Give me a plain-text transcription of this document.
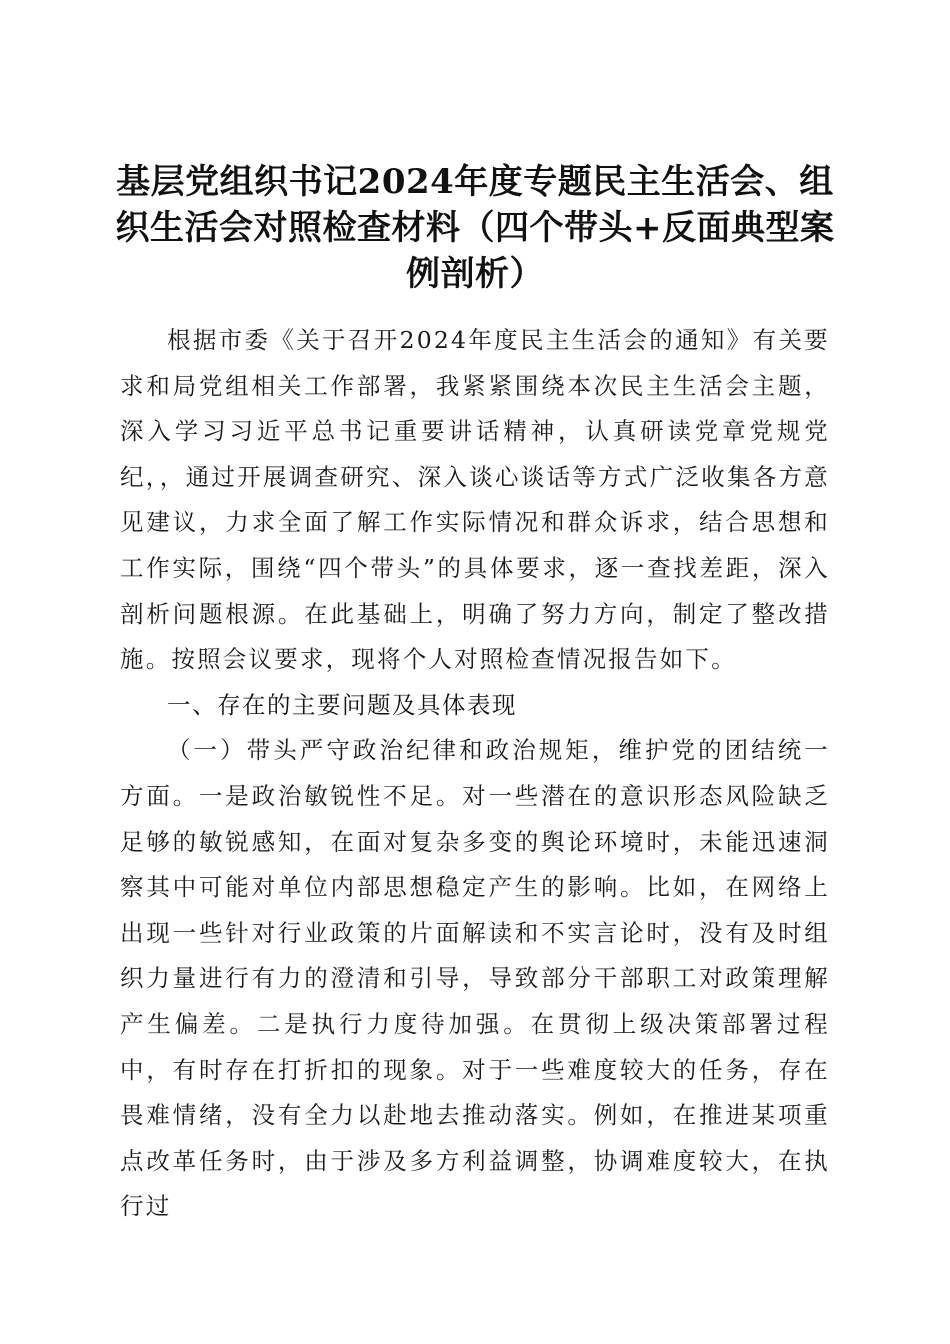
基层党组织书记2024年度专题民主生活会、组织生活会对照检查材料（四个带头+反面典型案例剖析）

根据市委《关于召开2024年度民主生活会的通知》有关要求和局党组相关工作部署，我紧紧围绕本次民主生活会主题，深入学习习近平总书记重要讲话精神，认真研读党章党规党纪，，通过开展调查研究、深入谈心谈话等方式广泛收集各方意见建议，力求全面了解工作实际情况和群众诉求，结合思想和工作实际，围绕“四个带头”的具体要求，逐一查找差距，深入剖析问题根源。在此基础上，明确了努力方向，制定了整改措施。按照会议要求，现将个人对照检查情况报告如下。

一、存在的主要问题及具体表现

（一）带头严守政治纪律和政治规矩，维护党的团结统一方面。一是政治敏锐性不足。对一些潜在的意识形态风险缺乏足够的敏锐感知，在面对复杂多变的舆论环境时，未能迅速洞察其中可能对单位内部思想稳定产生的影响。比如，在网络上出现一些针对行业政策的片面解读和不实言论时，没有及时组织力量进行有力的澄清和引导，导致部分干部职工对政策理解产生偏差。二是执行力度待加强。在贯彻上级决策部署过程中，有时存在打折扣的现象。对于一些难度较大的任务，存在畏难情绪，没有全力以赴地去推动落实。例如，在推进某项重点改革任务时，由于涉及多方利益调整，协调难度较大，在执行过
